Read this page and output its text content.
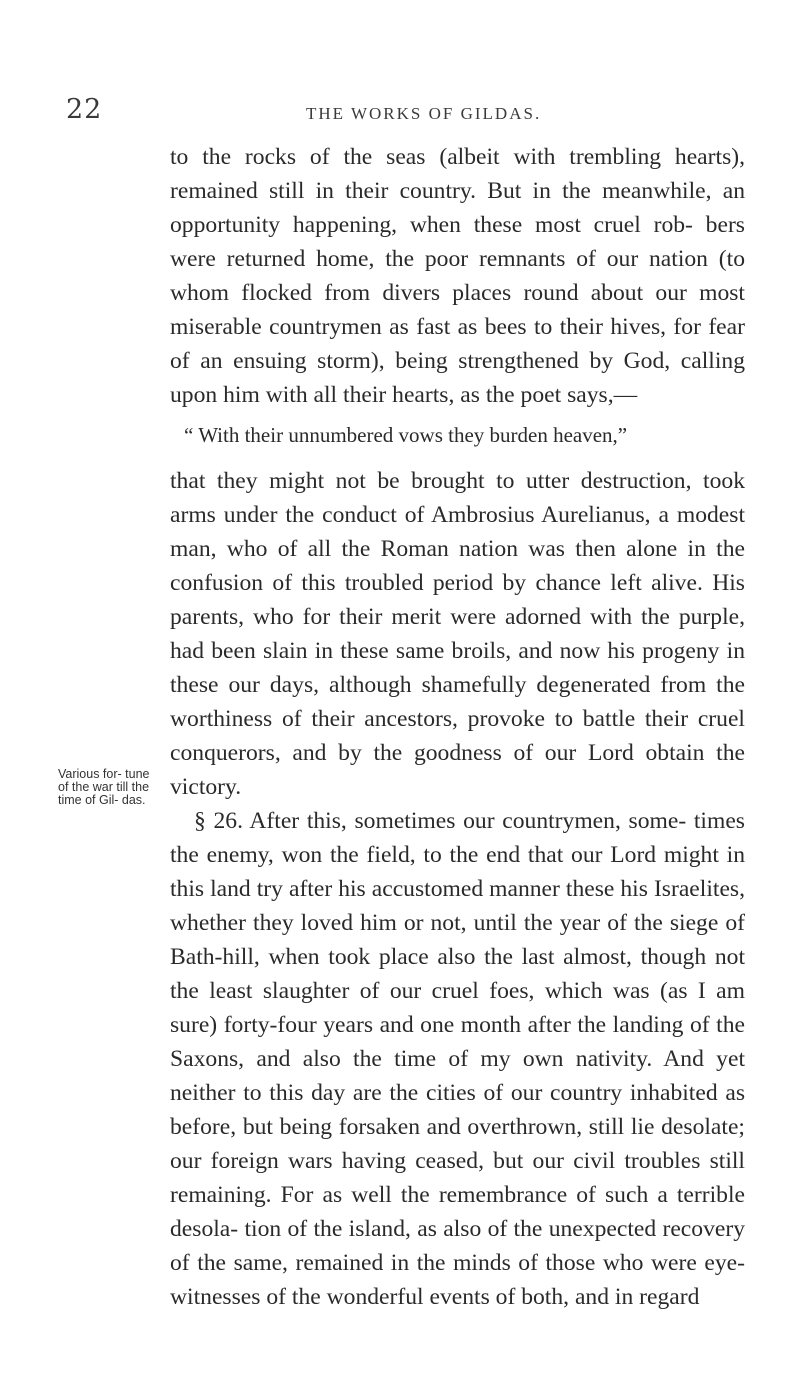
22	THE WORKS OF GILDAS.
Various for- tune of the war till the time of Gil- das.

to the rocks of the seas (albeit with trembling hearts), remained still in their country. But in the meanwhile, an opportunity happening, when these most cruel rob- bers were returned home, the poor remnants of our nation (to whom flocked from divers places round about our most miserable countrymen as fast as bees to their hives, for fear of an ensuing storm), being strengthened by God, calling upon him with all their hearts, as the poet says,—

“ With their unnumbered vows they burden heaven,”

that they might not be brought to utter destruction, took arms under the conduct of Ambrosius Aurelianus, a modest man, who of all the Roman nation was then alone in the confusion of this troubled period by chance left alive. His parents, who for their merit were adorned with the purple, had been slain in these same broils, and now his progeny in these our days, although shamefully degenerated from the worthiness of their ancestors, provoke to battle their cruel conquerors, and by the goodness of our Lord obtain the victory.

§ 26. After this, sometimes our countrymen, some- times the enemy, won the field, to the end that our Lord might in this land try after his accustomed manner these his Israelites, whether they loved him or not, until the year of the siege of Bath-hill, when took place also the last almost, though not the least slaughter of our cruel foes, which was (as I am sure) forty-four years and one month after the landing of the Saxons, and also the time of my own nativity. And yet neither to this day are the cities of our country inhabited as before, but being forsaken and overthrown, still lie desolate; our foreign wars having ceased, but our civil troubles still remaining. For as well the remembrance of such a terrible desola- tion of the island, as also of the unexpected recovery of the same, remained in the minds of those who were eye- witnesses of the wonderful events of both, and in regard
